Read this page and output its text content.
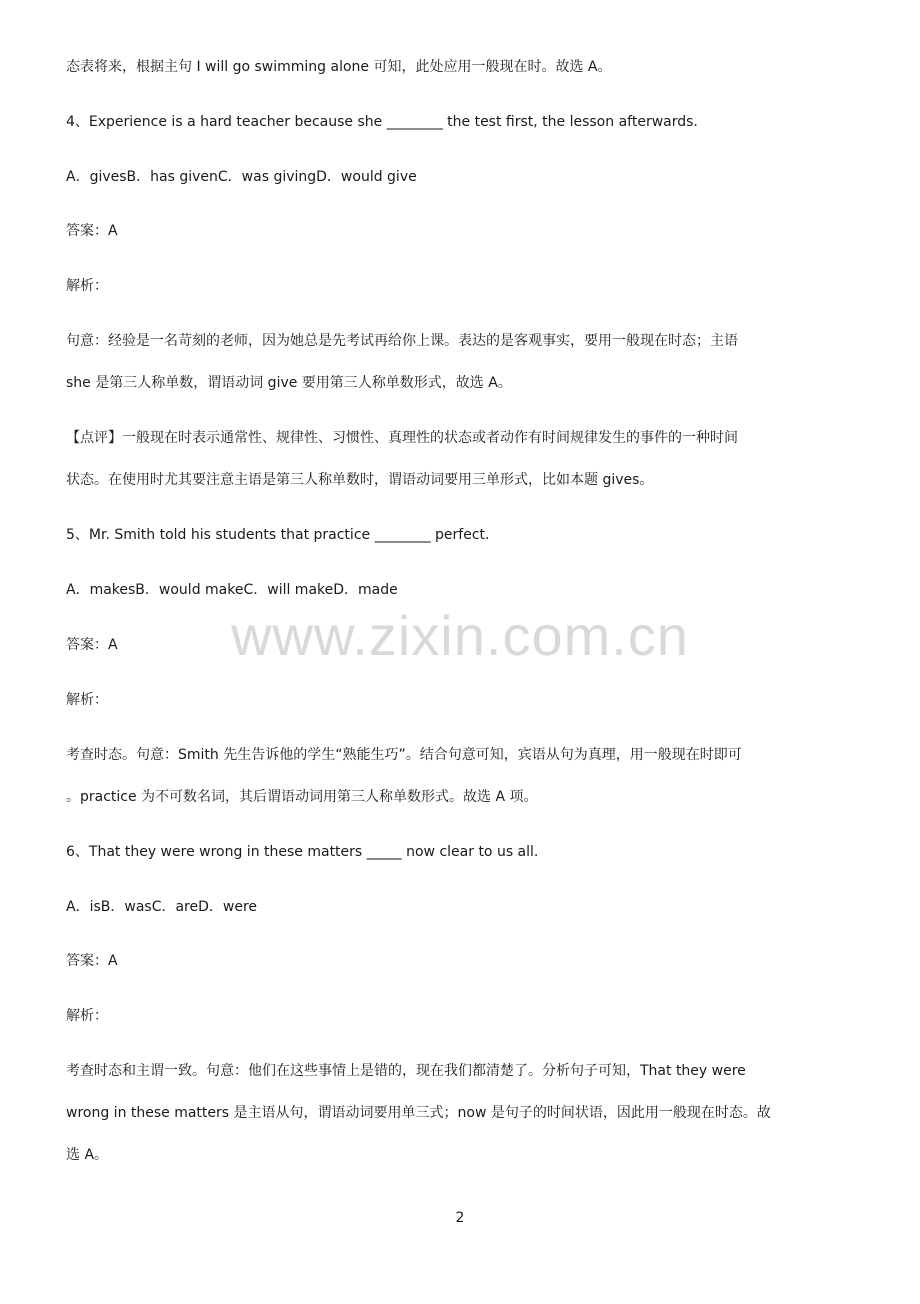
态表将来，根据主句 I will go swimming alone 可知，此处应用一般现在时。故选 A。
4、Experience is a hard teacher because she ________ the test first, the lesson afterwards.
A．givesB．has givenC．was givingD．would give
答案：A
解析：
句意：经验是一名苛刻的老师，因为她总是先考试再给你上课。表达的是客观事实，要用一般现在时态；主语
she 是第三人称单数，谓语动词 give 要用第三人称单数形式，故选 A。
【点评】一般现在时表示通常性、规律性、习惯性、真理性的状态或者动作有时间规律发生的事件的一种时间
状态。在使用时尤其要注意主语是第三人称单数时，谓语动词要用三单形式，比如本题 gives。
5、Mr. Smith told his students that practice ________ perfect.
A．makesB．would makeC．will makeD．made
答案：A
解析：
考查时态。句意：Smith 先生告诉他的学生“熟能生巧”。结合句意可知，宾语从句为真理，用一般现在时即可
。practice 为不可数名词，其后谓语动词用第三人称单数形式。故选 A 项。
6、That they were wrong in these matters _____ now clear to us all.
A．isB．wasC．areD．were
答案：A
解析：
考查时态和主谓一致。句意：他们在这些事情上是错的，现在我们都清楚了。分析句子可知，That they were
wrong in these matters 是主语从句，谓语动词要用单三式；now 是句子的时间状语，因此用一般现在时态。故
选 A。
www.zixin.com.cn
2
